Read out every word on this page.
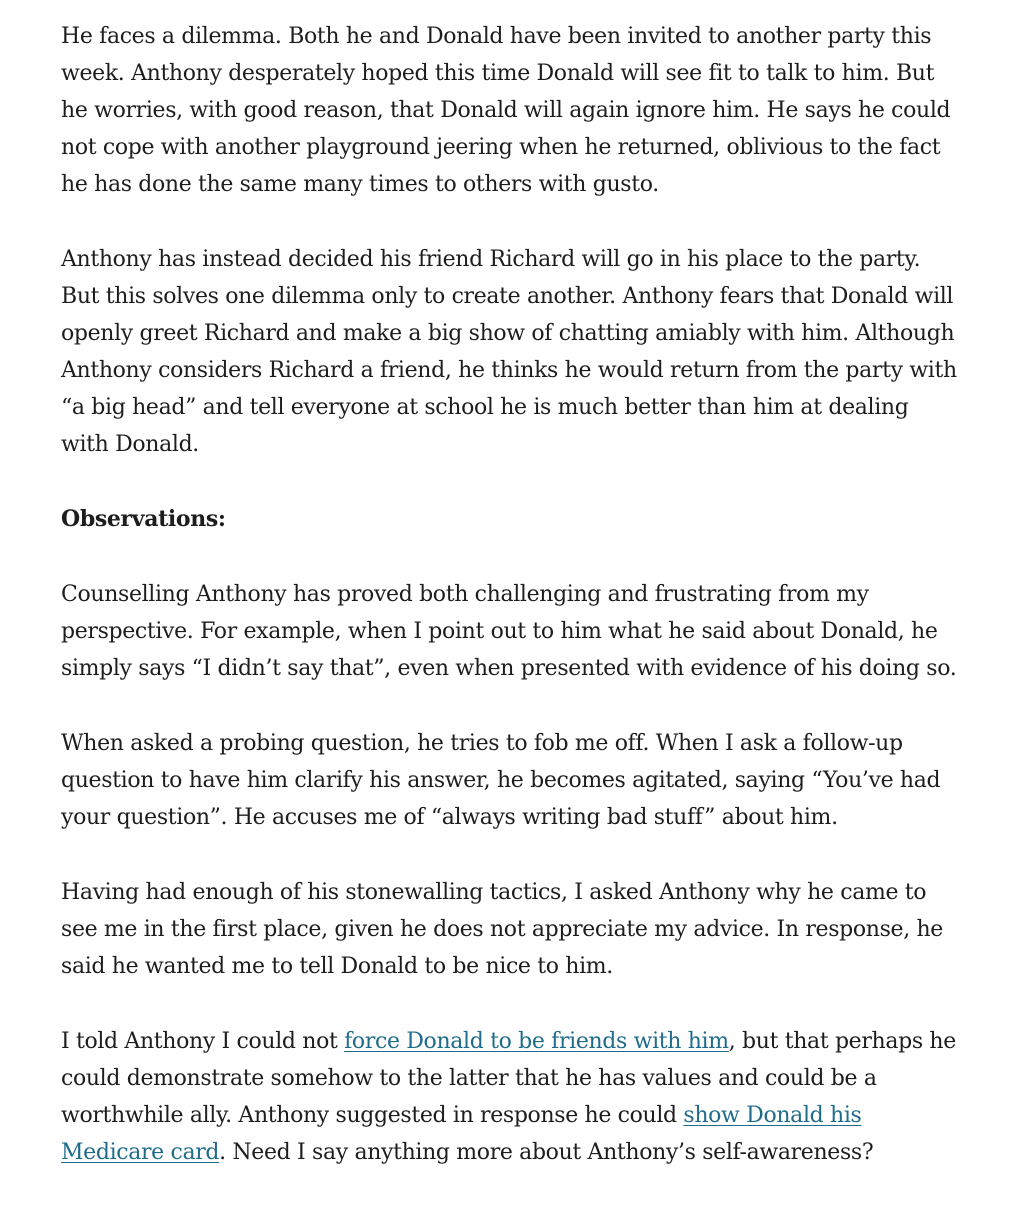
He faces a dilemma. Both he and Donald have been invited to another party this week. Anthony desperately hoped this time Donald will see fit to talk to him. But he worries, with good reason, that Donald will again ignore him. He says he could not cope with another playground jeering when he returned, oblivious to the fact he has done the same many times to others with gusto.

Anthony has instead decided his friend Richard will go in his place to the party. But this solves one dilemma only to create another. Anthony fears that Donald will openly greet Richard and make a big show of chatting amiably with him. Although Anthony considers Richard a friend, he thinks he would return from the party with “a big head” and tell everyone at school he is much better than him at dealing with Donald.

Observations:

Counselling Anthony has proved both challenging and frustrating from my perspective. For example, when I point out to him what he said about Donald, he simply says “I didn’t say that”, even when presented with evidence of his doing so.

When asked a probing question, he tries to fob me off. When I ask a follow-up question to have him clarify his answer, he becomes agitated, saying “You’ve had your question”. He accuses me of “always writing bad stuff” about him.

Having had enough of his stonewalling tactics, I asked Anthony why he came to see me in the first place, given he does not appreciate my advice. In response, he said he wanted me to tell Donald to be nice to him.

I told Anthony I could not force Donald to be friends with him, but that perhaps he could demonstrate somehow to the latter that he has values and could be a worthwhile ally. Anthony suggested in response he could show Donald his Medicare card. Need I say anything more about Anthony’s self-awareness?
